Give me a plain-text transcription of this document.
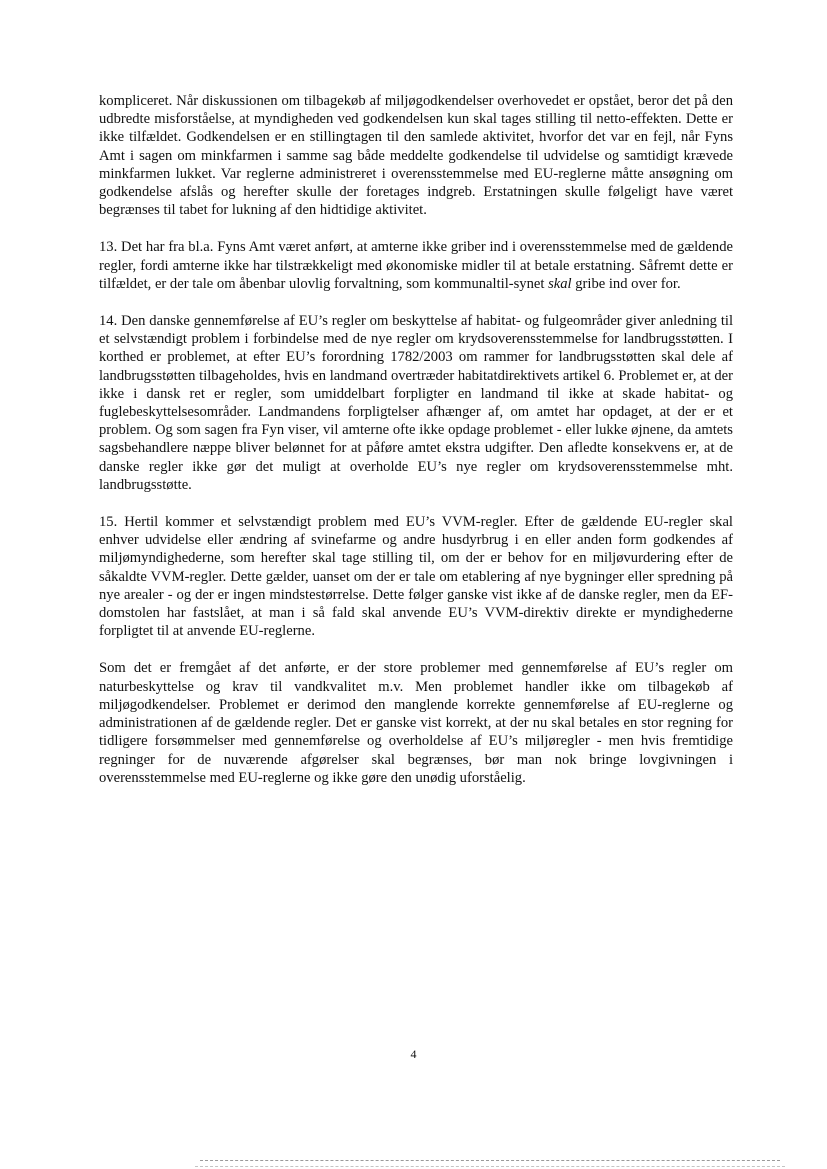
kompliceret. Når diskussionen om tilbagekøb af miljøgodkendelser overhovedet er opstået, beror det på den udbredte misforståelse, at myndigheden ved godkendelsen kun skal tages stilling til netto-effekten. Dette er ikke tilfældet. Godkendelsen er en stillingtagen til den samlede aktivitet, hvorfor det var en fejl, når Fyns Amt i sagen om minkfarmen i samme sag både meddelte godkendelse til udvidelse og samtidigt krævede minkfarmen lukket. Var reglerne administreret i overensstemmelse med EU-reglerne måtte ansøgning om godkendelse afslås og herefter skulle der foretages indgreb. Erstatningen skulle følgeligt have været begrænses til tabet for lukning af den hidtidige aktivitet.

13. Det har fra bl.a. Fyns Amt været anført, at amterne ikke griber ind i overensstemmelse med de gældende regler, fordi amterne ikke har tilstrækkeligt med økonomiske midler til at betale erstatning. Såfremt dette er tilfældet, er der tale om åbenbar ulovlig forvaltning, som kommunaltil-synet skal gribe ind over for.

14. Den danske gennemførelse af EU’s regler om beskyttelse af habitat- og fulgeområder giver anledning til et selvstændigt problem i forbindelse med de nye regler om krydsoverensstemmelse for landbrugsstøtten. I korthed er problemet, at efter EU’s forordning 1782/2003 om rammer for landbrugsstøtten skal dele af landbrugsstøtten tilbageholdes, hvis en landmand overtræder habitatdirektivets artikel 6. Problemet er, at der ikke i dansk ret er regler, som umiddelbart forpligter en landmand til ikke at skade habitat- og fuglebeskyttelsesområder. Landmandens forpligtelser afhænger af, om amtet har opdaget, at der er et problem. Og som sagen fra Fyn viser, vil amterne ofte ikke opdage problemet - eller lukke øjnene, da amtets sagsbehandlere næppe bliver belønnet for at påføre amtet ekstra udgifter. Den afledte konsekvens er, at de danske regler ikke gør det muligt at overholde EU’s nye regler om krydsoverensstemmelse mht. landbrugsstøtte.

15. Hertil kommer et selvstændigt problem med EU’s VVM-regler. Efter de gældende EU-regler skal enhver udvidelse eller ændring af svinefarme og andre husdyrbrug i en eller anden form godkendes af miljømyndighederne, som herefter skal tage stilling til, om der er behov for en miljøvurdering efter de såkaldte VVM-regler. Dette gælder, uanset om der er tale om etablering af nye bygninger eller spredning på nye arealer - og der er ingen mindstestørrelse. Dette følger ganske vist ikke af de danske regler, men da EF-domstolen har fastslået, at man i så fald skal anvende EU’s VVM-direktiv direkte er myndighederne forpligtet til at anvende EU-reglerne.

Som det er fremgået af det anførte, er der store problemer med gennemførelse af EU’s regler om naturbeskyttelse og krav til vandkvalitet m.v. Men problemet handler ikke om tilbagekøb af miljøgodkendelser. Problemet er derimod den manglende korrekte gennemførelse af EU-reglerne og administrationen af de gældende regler. Det er ganske vist korrekt, at der nu skal betales en stor regning for tidligere forsømmelser med gennemførelse og overholdelse af EU’s miljøregler - men hvis fremtidige regninger for de nuværende afgørelser skal begrænses, bør man nok bringe lovgivningen i overensstemmelse med EU-reglerne og ikke gøre den unødig uforståelig.

4
